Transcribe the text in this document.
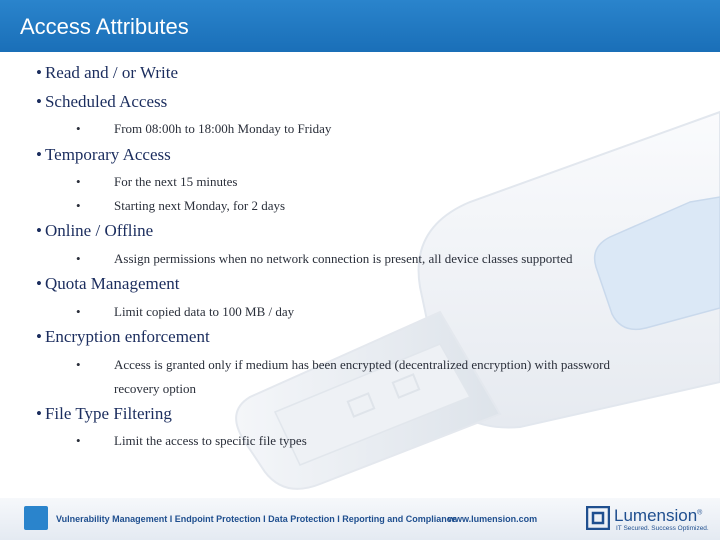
Access Attributes
• Read and / or Write
• Scheduled Access
•	From 08:00h to 18:00h Monday to Friday
• Temporary Access
•	For the next 15 minutes
•	Starting next Monday, for 2 days
• Online / Offline
•	Assign permissions when no network connection is present, all device classes supported
• Quota Management
•	Limit copied data to 100 MB / day
• Encryption enforcement
•	Access is granted only if medium has been encrypted (decentralized encryption) with password
recovery option
• File Type Filtering
•	Limit the access to specific file types
Vulnerability Management I Endpoint Protection I Data Protection I Reporting and Compliance
www.lumension.com	Lumension®
IT Secured. Success Optimized.
